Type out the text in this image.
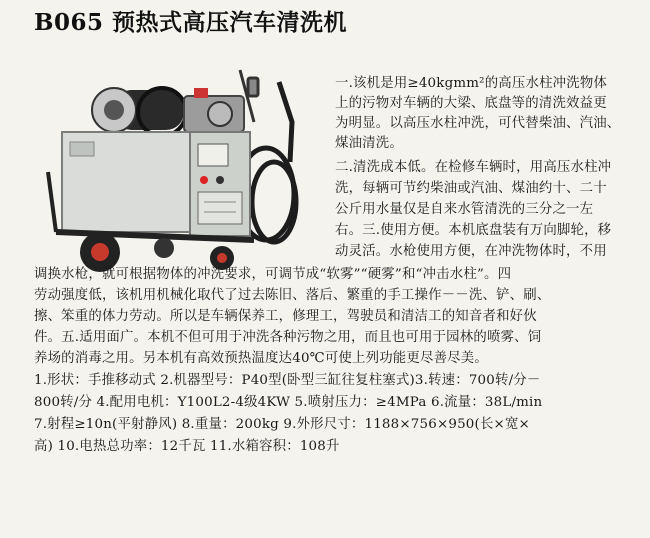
B065 预热式高压汽车清洗机
一.该机是用≥40kgmm²的高压水柱冲洗物体
上的污物对车辆的大梁、底盘等的清洗效益更
为明显。以高压水柱冲洗，可代替柴油、汽油、
煤油清洗。
二.清洗成本低。在检修车辆时，用高压水柱冲
洗，每辆可节约柴油或汽油、煤油约十、二十
公斤用水量仅是自来水管清洗的三分之一左
右。三.使用方便。本机底盘装有万向脚轮，移
动灵活。水枪使用方便，在冲洗物体时，不用
调换水枪，就可根据物体的冲洗要求，可调节成“软雾”“硬雾”和“冲击水柱”。四
劳动强度低，该机用机械化取代了过去陈旧、落后、繁重的手工操作－－洗、铲、刷、
擦、笨重的体力劳动。所以是车辆保养工，修理工，驾驶员和清洁工的知音者和好伙
件。五.适用面广。本机不但可用于冲洗各种污物之用，而且也可用于园林的喷雾、饲
养场的消毒之用。另本机有高效预热温度达40℃可使上列功能更尽善尽美。
1.形状：手推移动式 2.机器型号：P40型(卧型三缸往复柱塞式)3.转速：700转/分－
800转/分 4.配用电机：Y100L2-4级4KW 5.喷射压力：≥4MPa 6.流量：38L/min
7.射程≥10n(平射静风) 8.重量：200kg 9.外形尺寸：1188×756×950(长×宽×
高) 10.电热总功率：12千瓦 11.水箱容积：108升
